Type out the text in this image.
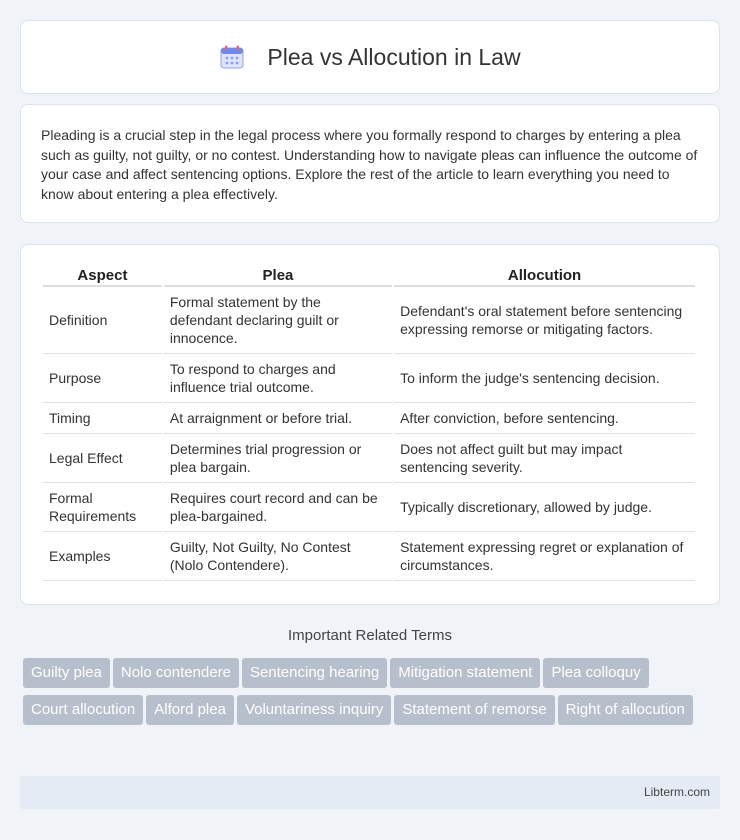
Plea vs Allocution in Law

Pleading is a crucial step in the legal process where you formally respond to charges by entering a plea such as guilty, not guilty, or no contest. Understanding how to navigate pleas can influence the outcome of your case and affect sentencing options. Explore the rest of the article to learn everything you need to know about entering a plea effectively.

Aspect	Plea	Allocution
Definition	Formal statement by the defendant declaring guilt or innocence.	Defendant's oral statement before sentencing expressing remorse or mitigating factors.
Purpose	To respond to charges and influence trial outcome.	To inform the judge's sentencing decision.
Timing	At arraignment or before trial.	After conviction, before sentencing.
Legal Effect	Determines trial progression or plea bargain.	Does not affect guilt but may impact sentencing severity.
Formal Requirements	Requires court record and can be plea-bargained.	Typically discretionary, allowed by judge.
Examples	Guilty, Not Guilty, No Contest (Nolo Contendere).	Statement expressing regret or explanation of circumstances.
Important Related Terms
Guilty plea Nolo contendere Sentencing hearing Mitigation statement Plea colloquyCourt allocution Alford plea Voluntariness inquiry Statement of remorse Right of allocution
Libterm.com
